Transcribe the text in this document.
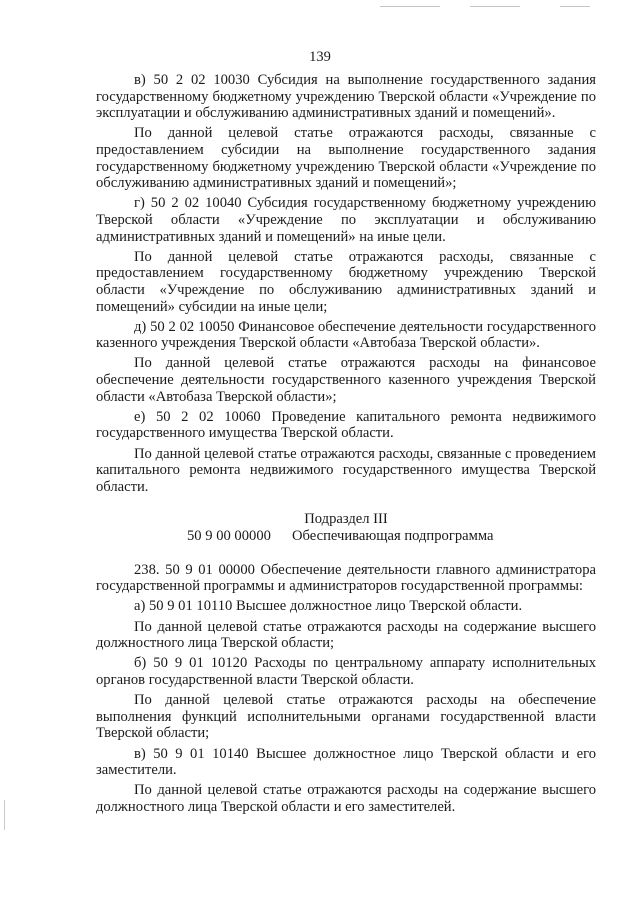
139

в) 50 2 02 10030 Субсидия на выполнение государственного задания государственному бюджетному учреждению Тверской области «Учреждение по эксплуатации и обслуживанию административных зданий и помещений».

По данной целевой статье отражаются расходы, связанные с предоставлением субсидии на выполнение государственного задания государственному бюджетному учреждению Тверской области «Учреждение по обслуживанию административных зданий и помещений»;

г) 50 2 02 10040 Субсидия государственному бюджетному учреждению Тверской области «Учреждение по эксплуатации и обслуживанию административных зданий и помещений» на иные цели.

По данной целевой статье отражаются расходы, связанные с предоставлением государственному бюджетному учреждению Тверской области «Учреждение по обслуживанию административных зданий и помещений» субсидии на иные цели;

д) 50 2 02 10050 Финансовое обеспечение деятельности государственного казенного учреждения Тверской области «Автобаза Тверской области».

По данной целевой статье отражаются расходы на финансовое обеспечение деятельности государственного казенного учреждения Тверской области «Автобаза Тверской области»;

е) 50 2 02 10060 Проведение капитального ремонта недвижимого государственного имущества Тверской области.

По данной целевой статье отражаются расходы, связанные с проведением капитального ремонта недвижимого государственного имущества Тверской области.

Подраздел III

50 9 00 00000 Обеспечивающая подпрограмма

238. 50 9 01 00000 Обеспечение деятельности главного администратора государственной программы и администраторов государственной программы:

а) 50 9 01 10110 Высшее должностное лицо Тверской области.

По данной целевой статье отражаются расходы на содержание высшего должностного лица Тверской области;

б) 50 9 01 10120 Расходы по центральному аппарату исполнительных органов государственной власти Тверской области.

По данной целевой статье отражаются расходы на обеспечение выполнения функций исполнительными органами государственной власти Тверской области;

в) 50 9 01 10140 Высшее должностное лицо Тверской области и его заместители.

По данной целевой статье отражаются расходы на содержание высшего должностного лица Тверской области и его заместителей.
